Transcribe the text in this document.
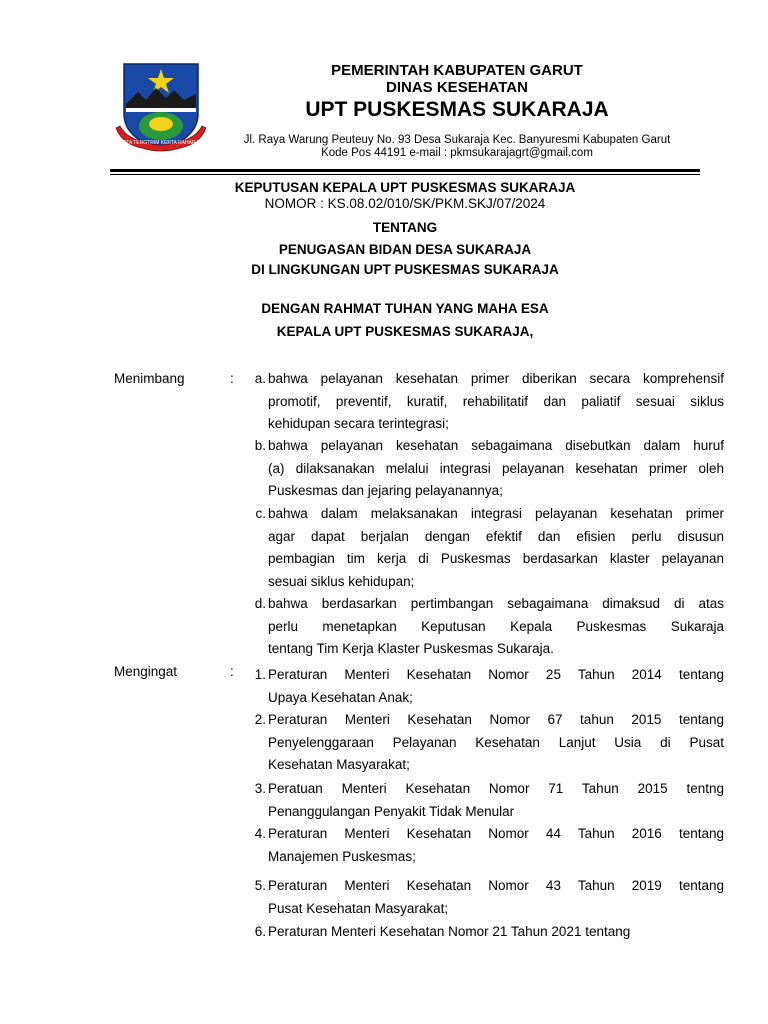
TATA TENGTRIM KERTA RAHARJA
PEMERINTAH KABUPATEN GARUT
DINAS KESEHATAN
UPT PUSKESMAS SUKARAJA
Jl. Raya Warung Peuteuy No. 93 Desa Sukaraja Kec. Banyuresmi Kabupaten Garut
Kode Pos 44191 e-mail : pkmsukarajagrt@gmail.com
KEPUTUSAN KEPALA UPT PUSKESMAS SUKARAJA
NOMOR : KS.08.02/010/SK/PKM.SKJ/07/2024
TENTANG
PENUGASAN BIDAN DESA SUKARAJA
DI LINGKUNGAN UPT PUSKESMAS SUKARAJA
DENGAN RAHMAT TUHAN YANG MAHA ESA
KEPALA UPT PUSKESMAS SUKARAJA,
Menimbang	:	a. bahwa pelayanan kesehatan primer diberikan secara komprehensif
promotif, preventif, kuratif, rehabilitatif dan paliatif sesuai siklus
kehidupan secara terintegrasi;
b. bahwa pelayanan kesehatan sebagaimana disebutkan dalam huruf
(a) dilaksanakan melalui integrasi pelayanan kesehatan primer oleh
Puskesmas dan jejaring pelayanannya;
c. bahwa dalam melaksanakan integrasi pelayanan kesehatan primer
agar dapat berjalan dengan efektif dan efisien perlu disusun
pembagian tim kerja di Puskesmas berdasarkan klaster pelayanan
sesuai siklus kehidupan;
d. bahwa berdasarkan pertimbangan sebagaimana dimaksud di atas
perlu menetapkan Keputusan Kepala Puskesmas Sukaraja
tentang Tim Kerja Klaster Puskesmas Sukaraja.
Mengingat	:	1. Peraturan Menteri Kesehatan Nomor 25 Tahun 2014 tentang
Upaya Kesehatan Anak;
2. Peraturan Menteri Kesehatan Nomor 67 tahun 2015 tentang
Penyelenggaraan Pelayanan Kesehatan Lanjut Usia di Pusat
Kesehatan Masyarakat;
3. Peratuan Menteri Kesehatan Nomor 71 Tahun 2015 tentng
Penanggulangan Penyakit Tidak Menular
4. Peraturan Menteri Kesehatan Nomor 44 Tahun 2016 tentang
Manajemen Puskesmas;
5. Peraturan Menteri Kesehatan Nomor 43 Tahun 2019 tentang
Pusat Kesehatan Masyarakat;
6. Peraturan Menteri Kesehatan Nomor 21 Tahun 2021 tentang
